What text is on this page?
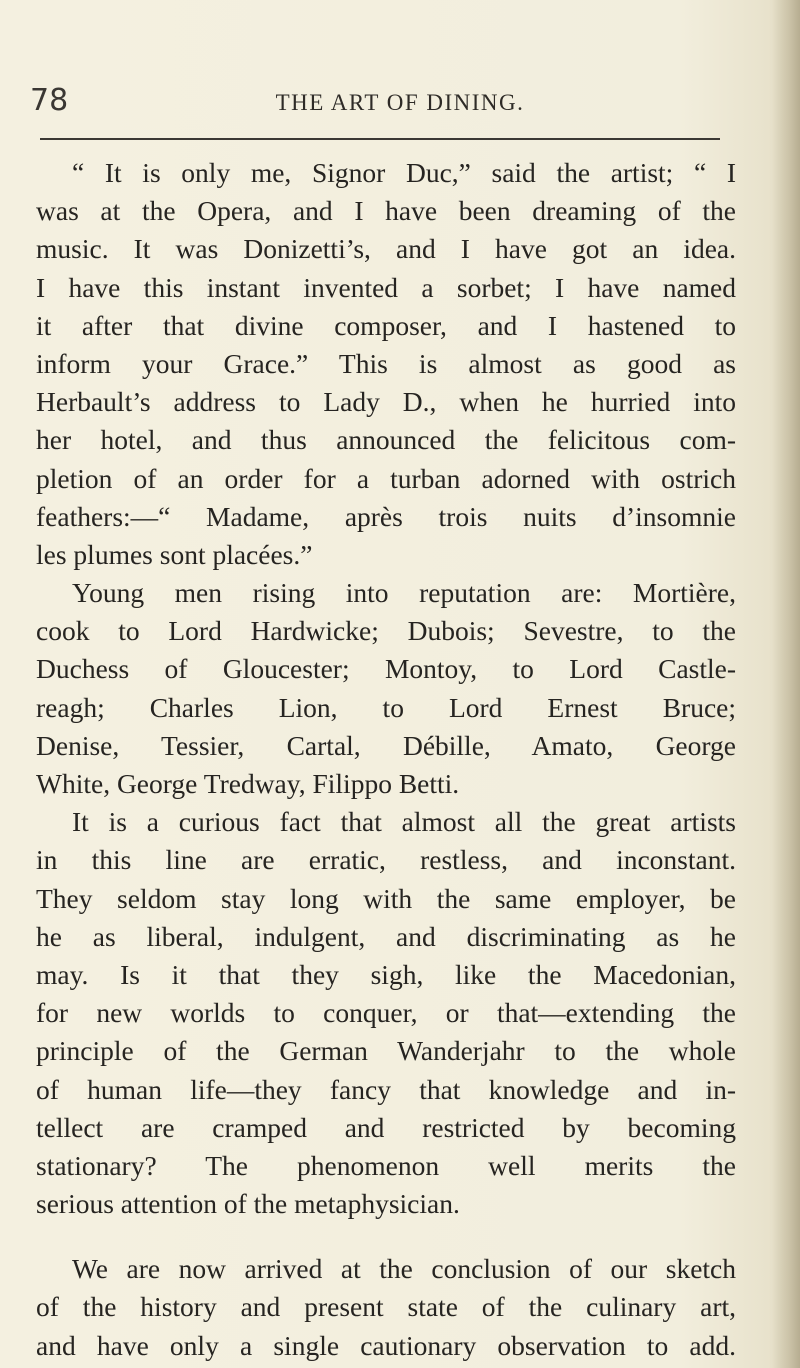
78	THE ART OF DINING.
“ It is only me, Signor Duc,” said the artist; “ I
was at the Opera, and I have been dreaming of the
music. It was Donizetti’s, and I have got an idea.
I have this instant invented a sorbet; I have named
it after that divine composer, and I hastened to
inform your Grace.” This is almost as good as
Herbault’s address to Lady D., when he hurried into
her hotel, and thus announced the felicitous com-
pletion of an order for a turban adorned with ostrich
feathers:—“ Madame, après trois nuits d’insomnie
les plumes sont placées.”
Young men rising into reputation are: Mortière,
cook to Lord Hardwicke; Dubois; Sevestre, to the
Duchess of Gloucester; Montoy, to Lord Castle-
reagh; Charles Lion, to Lord Ernest Bruce;
Denise, Tessier, Cartal, Débille, Amato, George
White, George Tredway, Filippo Betti.
It is a curious fact that almost all the great artists
in this line are erratic, restless, and inconstant.
They seldom stay long with the same employer, be
he as liberal, indulgent, and discriminating as he
may. Is it that they sigh, like the Macedonian,
for new worlds to conquer, or that—extending the
principle of the German Wanderjahr to the whole
of human life—they fancy that knowledge and in-
tellect are cramped and restricted by becoming
stationary? The phenomenon well merits the
serious attention of the metaphysician.
We are now arrived at the conclusion of our sketch
of the history and present state of the culinary art,
and have only a single cautionary observation to add.
